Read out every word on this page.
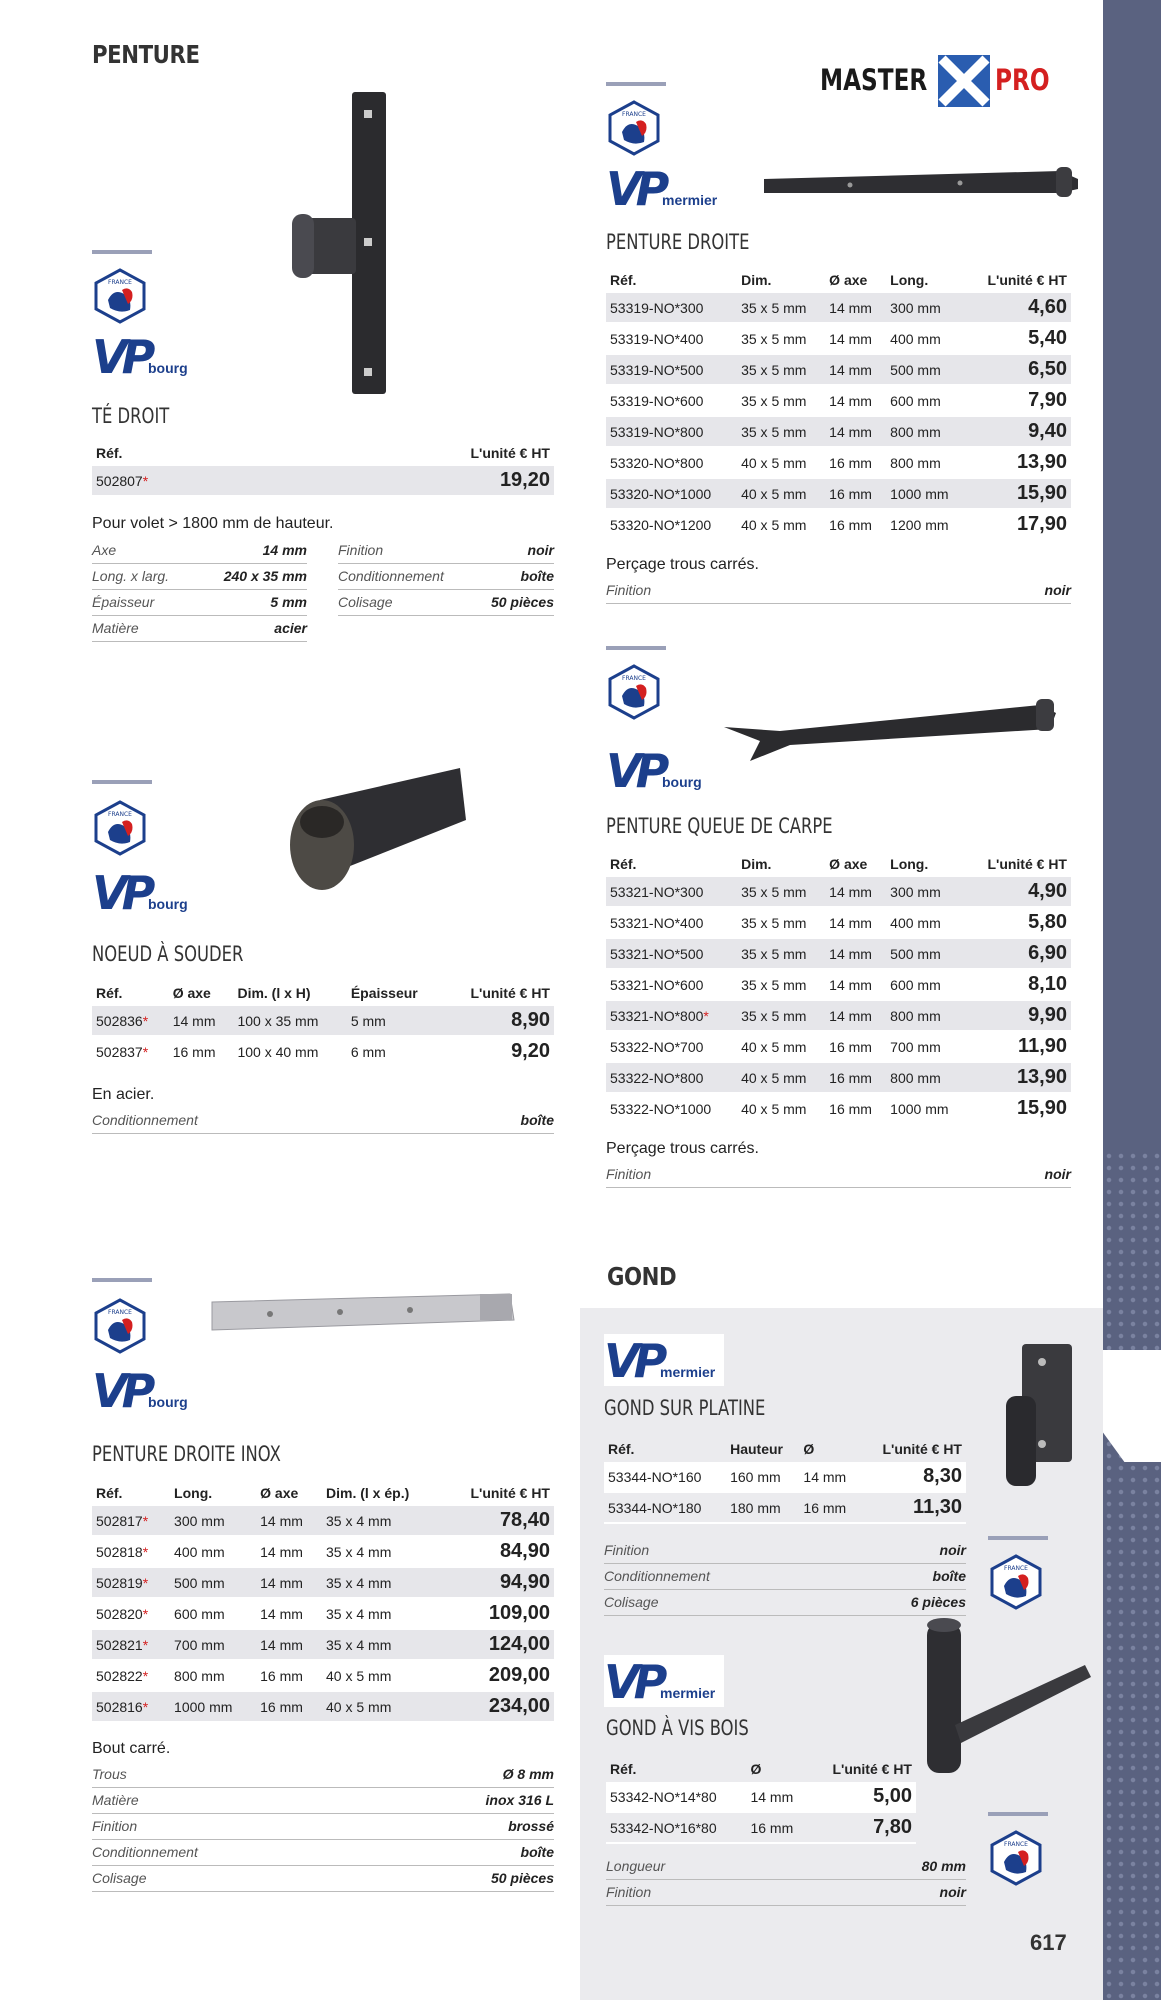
PENTURE
GOND
MASTER PRO
FRANCE
VP
bourg
TÉ DROIT
Réf.	L'unité € HT
502807*	19,20
Pour volet > 1800 mm de hauteur.
Axe	14 mm
Long. x larg.	240 x 35 mm
Épaisseur	5 mm
Matière	acier
Finition	noir
Conditionnement	boîte
Colisage	50 pièces
FRANCE
VP
bourg
NOEUD À SOUDER
Réf.	Ø axe	Dim. (l x H)	Épaisseur	L'unité € HT
502836*	14 mm	100 x 35 mm	5 mm	8,90
502837*	16 mm	100 x 40 mm	6 mm	9,20
En acier.
Conditionnement	boîte
FRANCE
VP
bourg
PENTURE DROITE INOX
Réf.	Long.	Ø axe	Dim. (l x ép.)	L'unité € HT
502817*	300 mm	14 mm	35 x 4 mm	78,40
502818*	400 mm	14 mm	35 x 4 mm	84,90
502819*	500 mm	14 mm	35 x 4 mm	94,90
502820*	600 mm	14 mm	35 x 4 mm	109,00
502821*	700 mm	14 mm	35 x 4 mm	124,00
502822*	800 mm	16 mm	40 x 5 mm	209,00
502816*	1000 mm	16 mm	40 x 5 mm	234,00
Bout carré.
Trous	Ø 8 mm
Matière	inox 316 L
Finition	brossé
Conditionnement	boîte
Colisage	50 pièces
FRANCE
VP
mermier
PENTURE DROITE
Réf.	Dim.	Ø axe	Long.	L'unité € HT
53319-NO*300	35 x 5 mm	14 mm	300 mm	4,60
53319-NO*400	35 x 5 mm	14 mm	400 mm	5,40
53319-NO*500	35 x 5 mm	14 mm	500 mm	6,50
53319-NO*600	35 x 5 mm	14 mm	600 mm	7,90
53319-NO*800	35 x 5 mm	14 mm	800 mm	9,40
53320-NO*800	40 x 5 mm	16 mm	800 mm	13,90
53320-NO*1000	40 x 5 mm	16 mm	1000 mm	15,90
53320-NO*1200	40 x 5 mm	16 mm	1200 mm	17,90
Perçage trous carrés.
Finition	noir
FRANCE
VP
bourg
PENTURE QUEUE DE CARPE
Réf.	Dim.	Ø axe	Long.	L'unité € HT
53321-NO*300	35 x 5 mm	14 mm	300 mm	4,90
53321-NO*400	35 x 5 mm	14 mm	400 mm	5,80
53321-NO*500	35 x 5 mm	14 mm	500 mm	6,90
53321-NO*600	35 x 5 mm	14 mm	600 mm	8,10
53321-NO*800*	35 x 5 mm	14 mm	800 mm	9,90
53322-NO*700	40 x 5 mm	16 mm	700 mm	11,90
53322-NO*800	40 x 5 mm	16 mm	800 mm	13,90
53322-NO*1000	40 x 5 mm	16 mm	1000 mm	15,90
Perçage trous carrés.
Finition	noir
VP
mermier
GOND SUR PLATINE
Réf.	Hauteur	Ø	L'unité € HT
53344-NO*160	160 mm	14 mm	8,30
53344-NO*180	180 mm	16 mm	11,30
Finition	noir
Conditionnement	boîte
Colisage	6 pièces
FRANCE
VP
mermier
GOND À VIS BOIS
Réf.	Ø	L'unité € HT
53342-NO*14*80	14 mm	5,00
53342-NO*16*80	16 mm	7,80
Longueur	80 mm
Finition	noir
FRANCE
617
